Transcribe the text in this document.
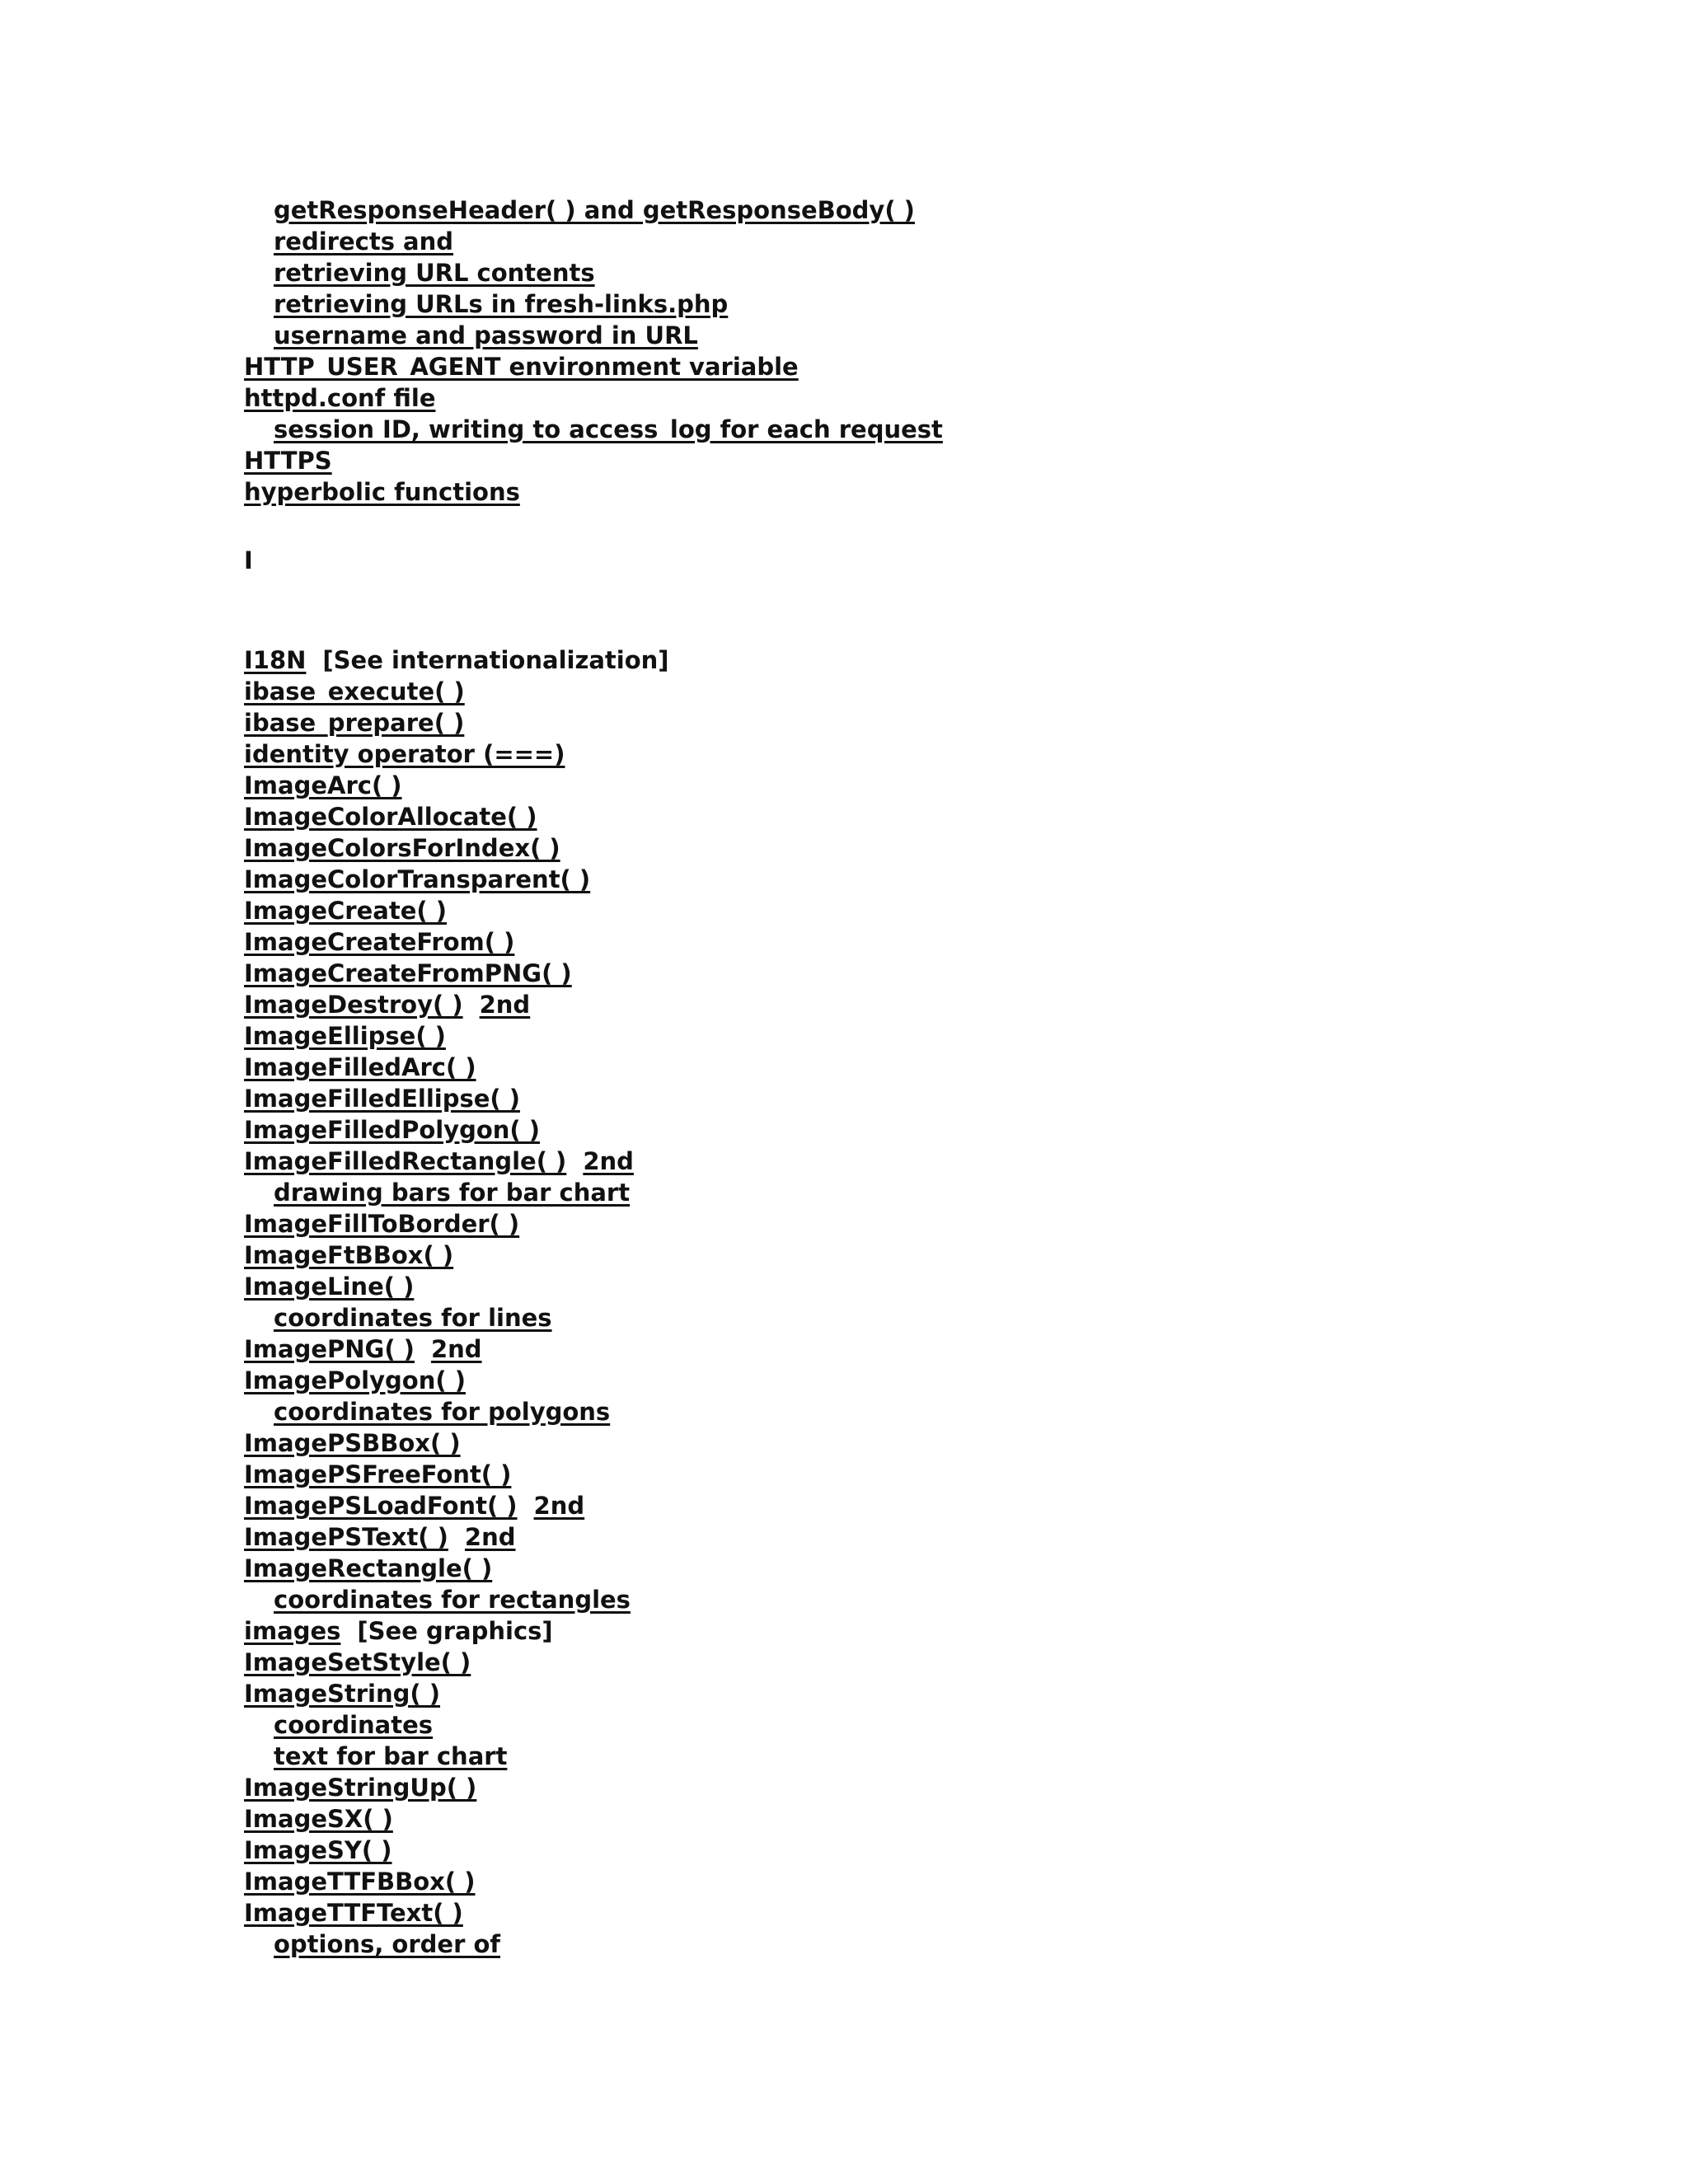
getResponseHeader( ) and getResponseBody( )
redirects and
retrieving URL contents
retrieving URLs in fresh-links.php
username and password in URL
HTTP_USER_AGENT environment variable
httpd.conf file
session ID, writing to access_log for each request
HTTPS
hyperbolic functions
I
I18N [See internationalization]
ibase_execute( )
ibase_prepare( )
identity operator (===)
ImageArc( )
ImageColorAllocate( )
ImageColorsForIndex( )
ImageColorTransparent( )
ImageCreate( )
ImageCreateFrom( )
ImageCreateFromPNG( )
ImageDestroy( ) 2nd
ImageEllipse( )
ImageFilledArc( )
ImageFilledEllipse( )
ImageFilledPolygon( )
ImageFilledRectangle( ) 2nd
drawing bars for bar chart
ImageFillToBorder( )
ImageFtBBox( )
ImageLine( )
coordinates for lines
ImagePNG( ) 2nd
ImagePolygon( )
coordinates for polygons
ImagePSBBox( )
ImagePSFreeFont( )
ImagePSLoadFont( ) 2nd
ImagePSText( ) 2nd
ImageRectangle( )
coordinates for rectangles
images [See graphics]
ImageSetStyle( )
ImageString( )
coordinates
text for bar chart
ImageStringUp( )
ImageSX( )
ImageSY( )
ImageTTFBBox( )
ImageTTFText( )
options, order of
